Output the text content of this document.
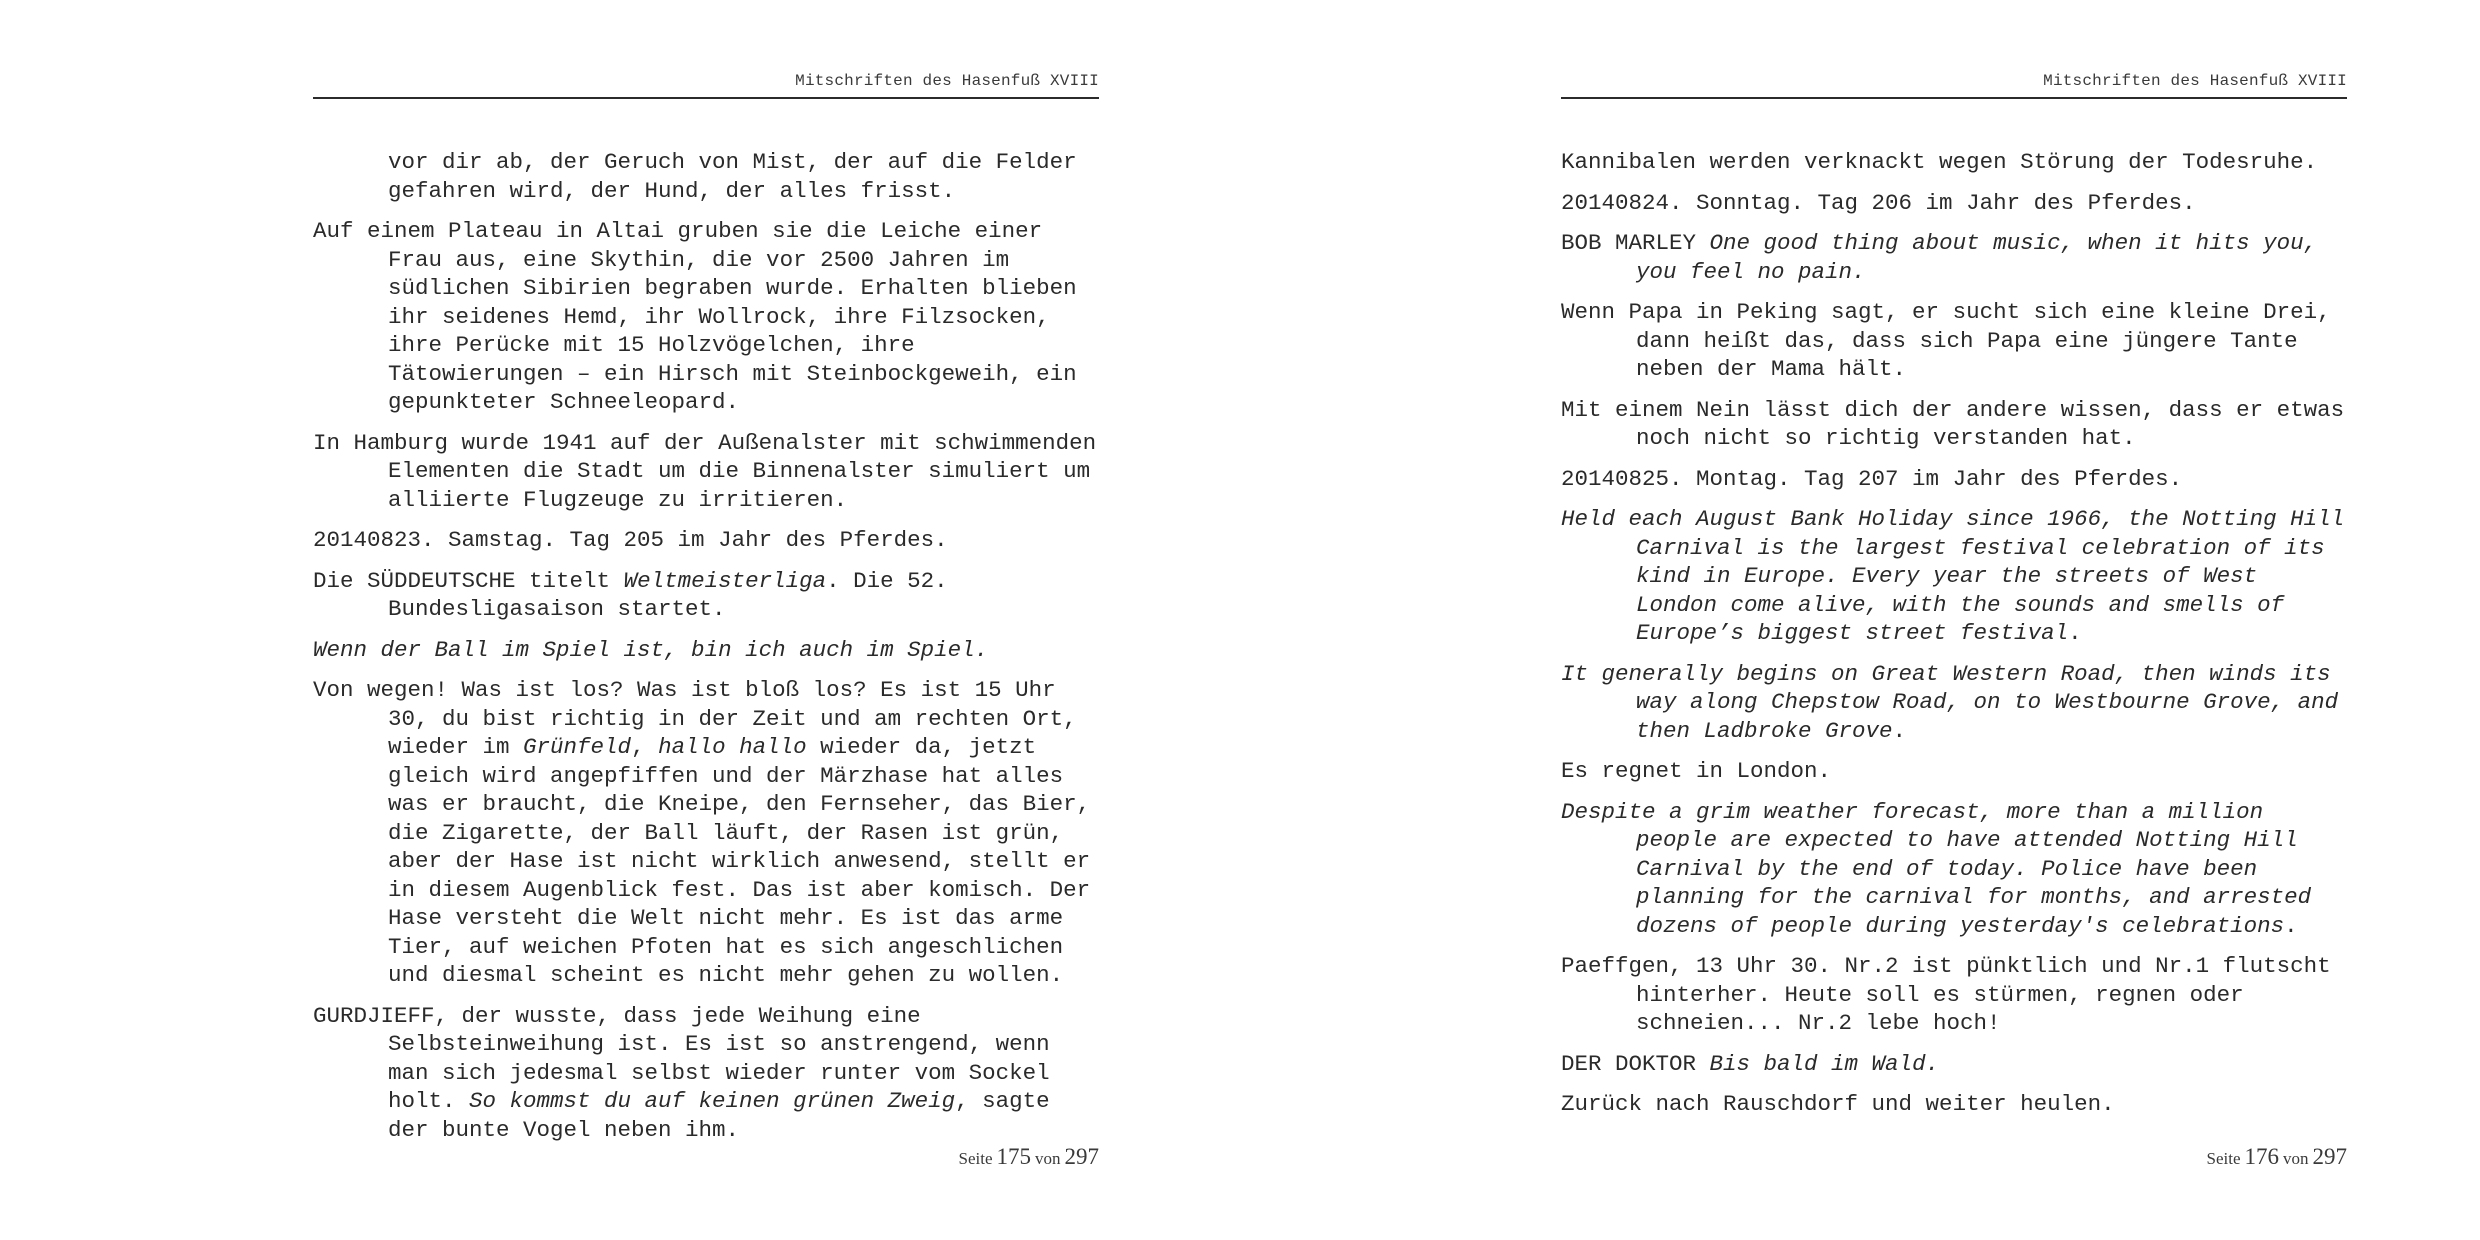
Mitschriften des Hasenfuß XVIII

vor dir ab, der Geruch von Mist, der auf die Felder gefahren wird, der Hund, der alles frisst.

Auf einem Plateau in Altai gruben sie die Leiche einer Frau aus, eine Skythin, die vor 2500 Jahren im südlichen Sibirien begraben wurde. Erhalten blieben ihr seidenes Hemd, ihr Wollrock, ihre Filzsocken, ihre Perücke mit 15 Holzvögelchen, ihre Tätowierungen – ein Hirsch mit Steinbockgeweih, ein gepunkteter Schneeleopard.

In Hamburg wurde 1941 auf der Außenalster mit schwimmenden Elementen die Stadt um die Binnenalster simuliert um alliierte Flugzeuge zu irritieren.

20140823. Samstag. Tag 205 im Jahr des Pferdes.

Die SÜDDEUTSCHE titelt Weltmeisterliga. Die 52. Bundesligasaison startet.

Wenn der Ball im Spiel ist, bin ich auch im Spiel.

Von wegen! Was ist los? Was ist bloß los? Es ist 15 Uhr 30, du bist richtig in der Zeit und am rechten Ort, wieder im Grünfeld, hallo hallo wieder da, jetzt gleich wird angepfiffen und der Märzhase hat alles was er braucht, die Kneipe, den Fernseher, das Bier, die Zigarette, der Ball läuft, der Rasen ist grün, aber der Hase ist nicht wirklich anwesend, stellt er in diesem Augenblick fest. Das ist aber komisch. Der Hase versteht die Welt nicht mehr. Es ist das arme Tier, auf weichen Pfoten hat es sich angeschlichen und diesmal scheint es nicht mehr gehen zu wollen.

GURDJIEFF, der wusste, dass jede Weihung eine Selbsteinweihung ist. Es ist so anstrengend, wenn man sich jedesmal selbst wieder runter vom Sockel holt. So kommst du auf keinen grünen Zweig, sagte der bunte Vogel neben ihm.

Seite 175 von 297
Mitschriften des Hasenfuß XVIII

Kannibalen werden verknackt wegen Störung der Todesruhe.

20140824. Sonntag. Tag 206 im Jahr des Pferdes.

BOB MARLEY One good thing about music, when it hits you, you feel no pain.

Wenn Papa in Peking sagt, er sucht sich eine kleine Drei, dann heißt das, dass sich Papa eine jüngere Tante neben der Mama hält.

Mit einem Nein lässt dich der andere wissen, dass er etwas noch nicht so richtig verstanden hat.

20140825. Montag. Tag 207 im Jahr des Pferdes.

Held each August Bank Holiday since 1966, the Notting Hill Carnival is the largest festival celebration of its kind in Europe. Every year the streets of West London come alive, with the sounds and smells of Europe’s biggest street festival.

It generally begins on Great Western Road, then winds its way along Chepstow Road, on to Westbourne Grove, and then Ladbroke Grove.

Es regnet in London.

Despite a grim weather forecast, more than a million people are expected to have attended Notting Hill Carnival by the end of today. Police have been planning for the carnival for months, and arrested dozens of people during yesterday's celebrations.

Paeffgen, 13 Uhr 30. Nr.2 ist pünktlich und Nr.1 flutscht hinterher. Heute soll es stürmen, regnen oder schneien... Nr.2 lebe hoch!

DER DOKTOR Bis bald im Wald.

Zurück nach Rauschdorf und weiter heulen.

Seite 176 von 297
